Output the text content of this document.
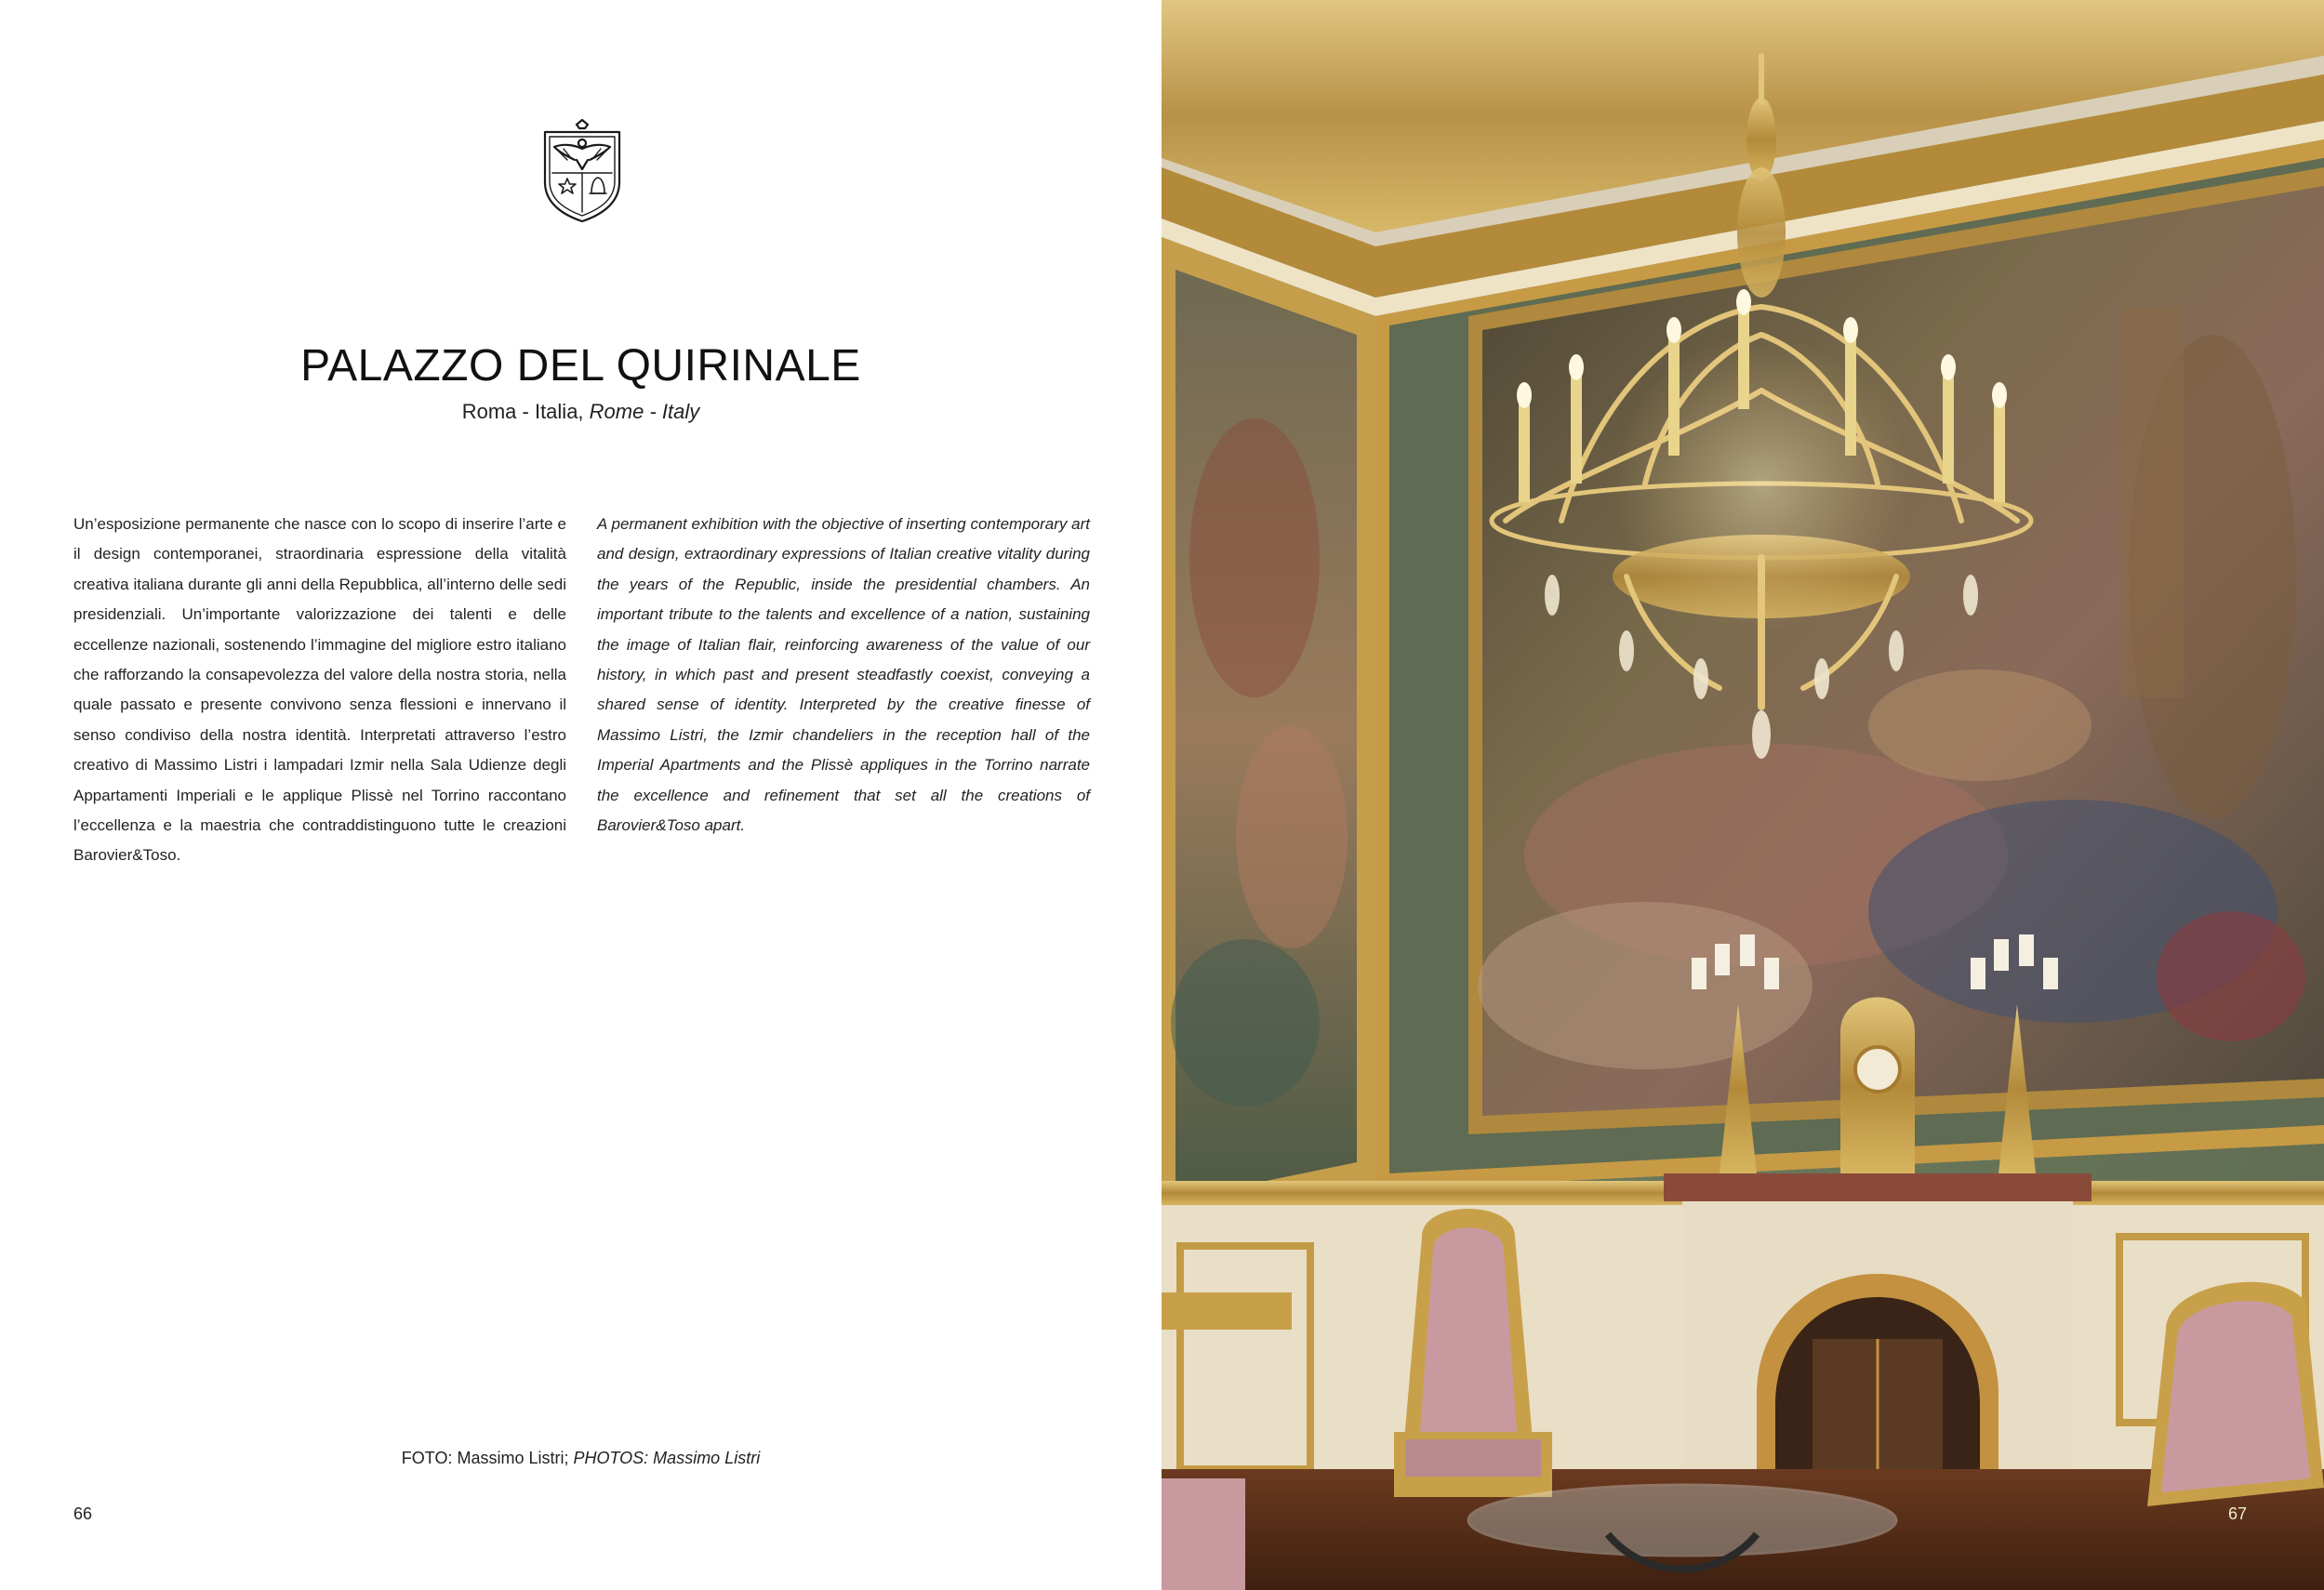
PALAZZO DEL QUIRINALE
Roma - Italia, Rome - Italy
Un’esposizione permanente che nasce con lo scopo di inserire l’arte e il design contemporanei, straordinaria espressione della vitalità creativa italiana durante gli anni della Repubblica, all’interno delle sedi presidenziali. Un’importante valorizzazione dei talenti e delle eccellenze nazionali, sostenendo l’immagine del migliore estro italiano che rafforzando la consapevolezza del valore della nostra storia, nella quale passato e presente convivono senza flessioni e innervano il senso condiviso della nostra identità. Interpretati attraverso l’estro creativo di Massimo Listri i lampadari Izmir nella Sala Udienze degli Appartamenti Imperiali e le applique Plissè nel Torrino raccontano l’eccellenza e la maestria che contraddistinguono tutte le creazioni Barovier&Toso.
A permanent exhibition with the objective of inserting contemporary art and design, extraordinary expressions of Italian creative vitality during the years of the Republic, inside the presidential chambers. An important tribute to the talents and excellence of a nation, sustaining the image of Italian flair, reinforcing awareness of the value of our history, in which past and present steadfastly coexist, conveying a shared sense of identity. Interpreted by the creative finesse of Massimo Listri, the Izmir chandeliers in the reception hall of the Imperial Apartments and the Plissè appliques in the Torrino narrate the excellence and refinement that set all the creations of Barovier&Toso apart.
FOTO: Massimo Listri; PHOTOS: Massimo Listri
66	67
